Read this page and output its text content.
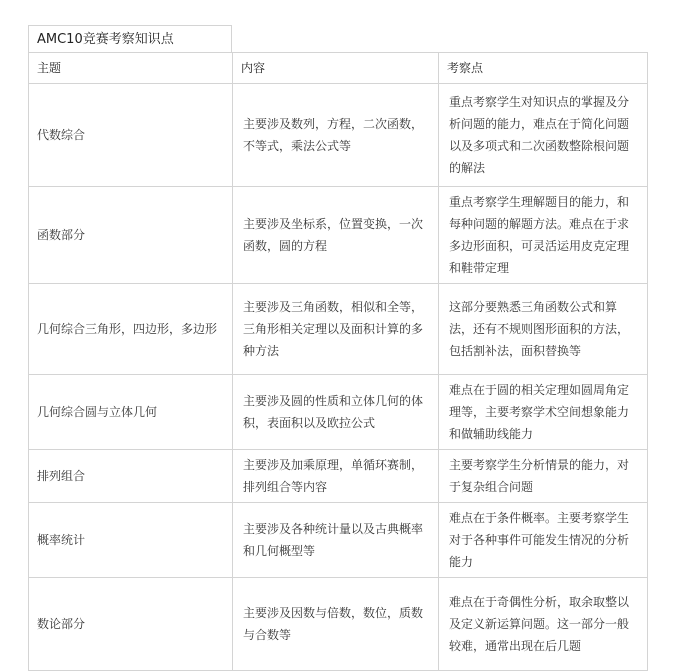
AMC10竞赛考察知识点
主题	内容	考察点
代数综合	主要涉及数列，方程，二次函数，不等式，乘法公式等	重点考察学生对知识点的掌握及分析问题的能力，难点在于简化问题以及多项式和二次函数整除根问题的解法
函数部分	主要涉及坐标系，位置变换，一次函数，圆的方程	重点考察学生理解题目的能力，和每种问题的解题方法。难点在于求多边形面积，可灵活运用皮克定理和鞋带定理
几何综合三角形，四边形，多边形	主要涉及三角函数，相似和全等，三角形相关定理以及面积计算的多种方法	这部分要熟悉三角函数公式和算法，还有不规则图形面积的方法，包括割补法，面积替换等
几何综合圆与立体几何	主要涉及圆的性质和立体几何的体积，表面积以及欧拉公式	难点在于圆的相关定理如圆周角定理等，主要考察学术空间想象能力和做辅助线能力
排列组合	主要涉及加乘原理，单循环赛制，排列组合等内容	主要考察学生分析情景的能力，对于复杂组合问题
概率统计	主要涉及各种统计量以及古典概率和几何概型等	难点在于条件概率。主要考察学生对于各种事件可能发生情况的分析能力
数论部分	主要涉及因数与倍数，数位，质数与合数等	难点在于奇偶性分析，取余取整以及定义新运算问题。这一部分一般较难，通常出现在后几题
